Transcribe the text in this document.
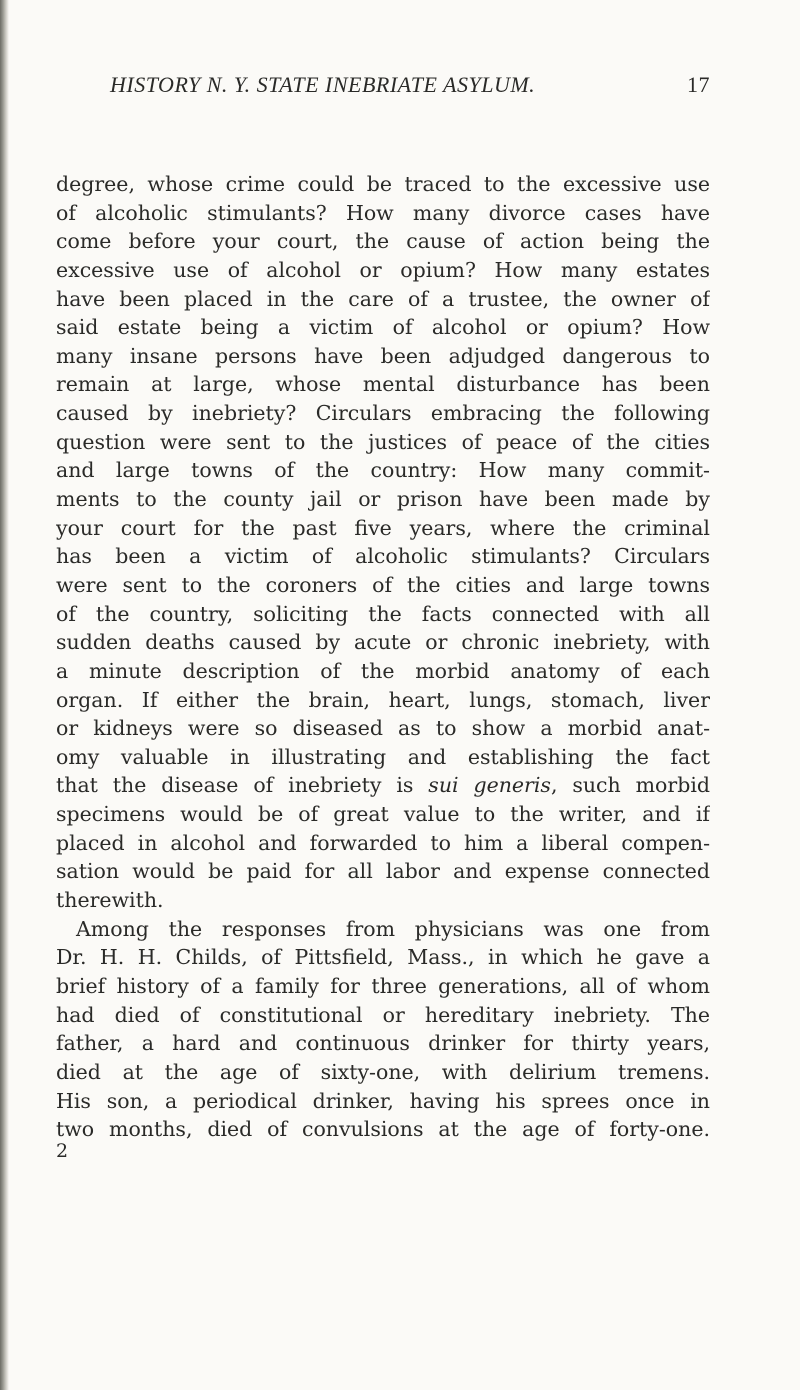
HISTORY N. Y. STATE INEBRIATE ASYLUM.	17
degree, whose crime could be traced to the excessive use
of alcoholic stimulants? How many divorce cases have
come before your court, the cause of action being the
excessive use of alcohol or opium? How many estates
have been placed in the care of a trustee, the owner of
said estate being a victim of alcohol or opium? How
many insane persons have been adjudged dangerous to
remain at large, whose mental disturbance has been
caused by inebriety? Circulars embracing the following
question were sent to the justices of peace of the cities
and large towns of the country: How many commit-
ments to the county jail or prison have been made by
your court for the past five years, where the criminal
has been a victim of alcoholic stimulants? Circulars
were sent to the coroners of the cities and large towns
of the country, soliciting the facts connected with all
sudden deaths caused by acute or chronic inebriety, with
a minute description of the morbid anatomy of each
organ. If either the brain, heart, lungs, stomach, liver
or kidneys were so diseased as to show a morbid anat-
omy valuable in illustrating and establishing the fact
that the disease of inebriety is sui generis, such morbid
specimens would be of great value to the writer, and if
placed in alcohol and forwarded to him a liberal compen-
sation would be paid for all labor and expense connected
therewith.
Among the responses from physicians was one from
Dr. H. H. Childs, of Pittsfield, Mass., in which he gave a
brief history of a family for three generations, all of whom
had died of constitutional or hereditary inebriety. The
father, a hard and continuous drinker for thirty years,
died at the age of sixty-one, with delirium tremens.
His son, a periodical drinker, having his sprees once in
two months, died of convulsions at the age of forty-one.
2
